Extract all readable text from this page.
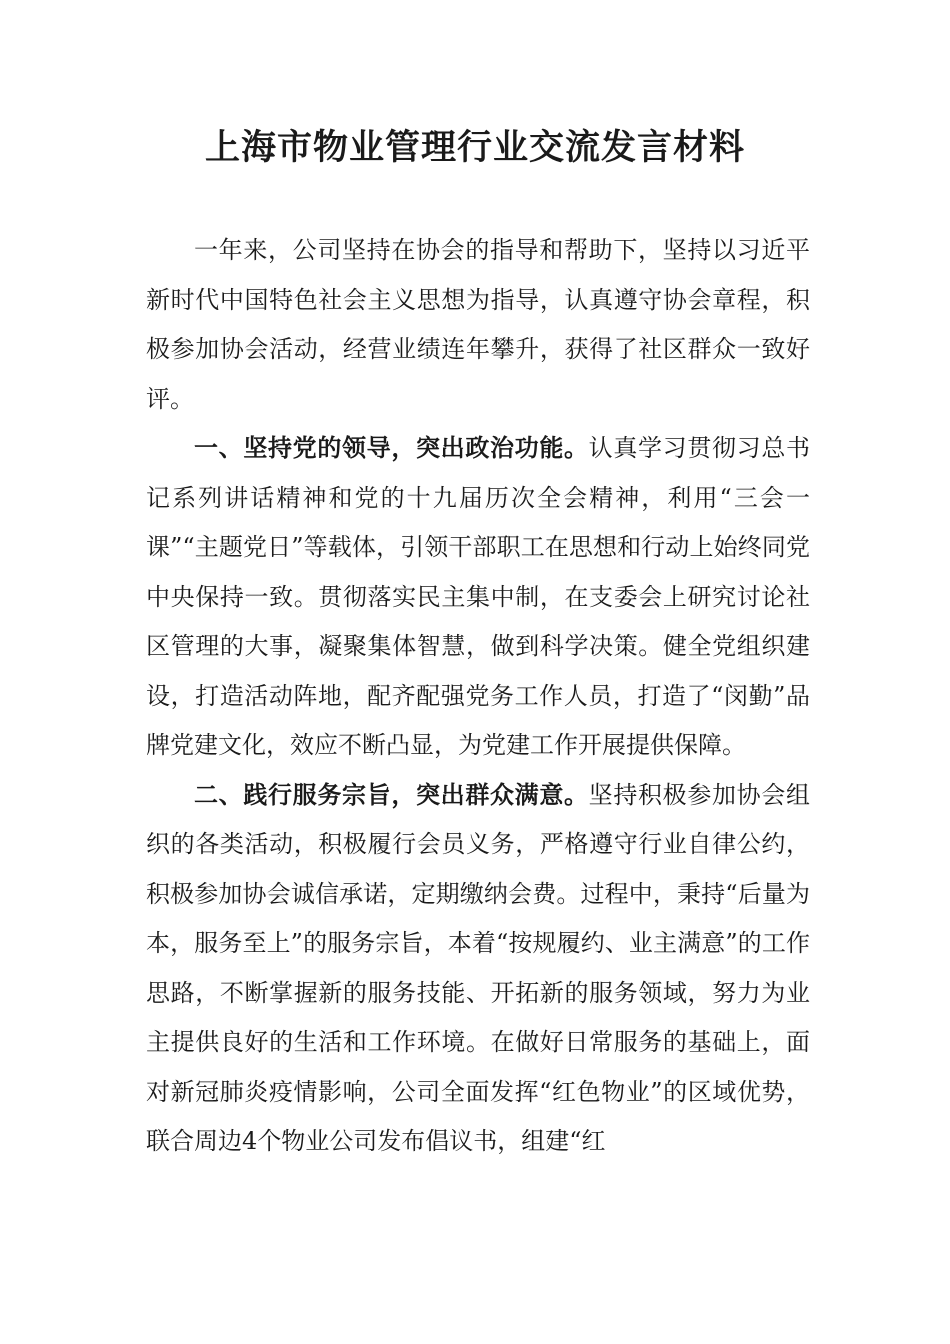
上海市物业管理行业交流发言材料

一年来，公司坚持在协会的指导和帮助下，坚持以习近平新时代中国特色社会主义思想为指导，认真遵守协会章程，积极参加协会活动，经营业绩连年攀升，获得了社区群众一致好评。

一、坚持党的领导，突出政治功能。认真学习贯彻习总书记系列讲话精神和党的十九届历次全会精神，利用“三会一课”“主题党日”等载体，引领干部职工在思想和行动上始终同党中央保持一致。贯彻落实民主集中制，在支委会上研究讨论社区管理的大事，凝聚集体智慧，做到科学决策。健全党组织建设，打造活动阵地，配齐配强党务工作人员，打造了“闵勤”品牌党建文化，效应不断凸显，为党建工作开展提供保障。

二、践行服务宗旨，突出群众满意。坚持积极参加协会组织的各类活动，积极履行会员义务，严格遵守行业自律公约，积极参加协会诚信承诺，定期缴纳会费。过程中，秉持“后量为本，服务至上”的服务宗旨，本着“按规履约、业主满意”的工作思路，不断掌握新的服务技能、开拓新的服务领域，努力为业主提供良好的生活和工作环境。在做好日常服务的基础上，面对新冠肺炎疫情影响，公司全面发挥“红色物业”的区域优势，联合周边4个物业公司发布倡议书，组建“红
